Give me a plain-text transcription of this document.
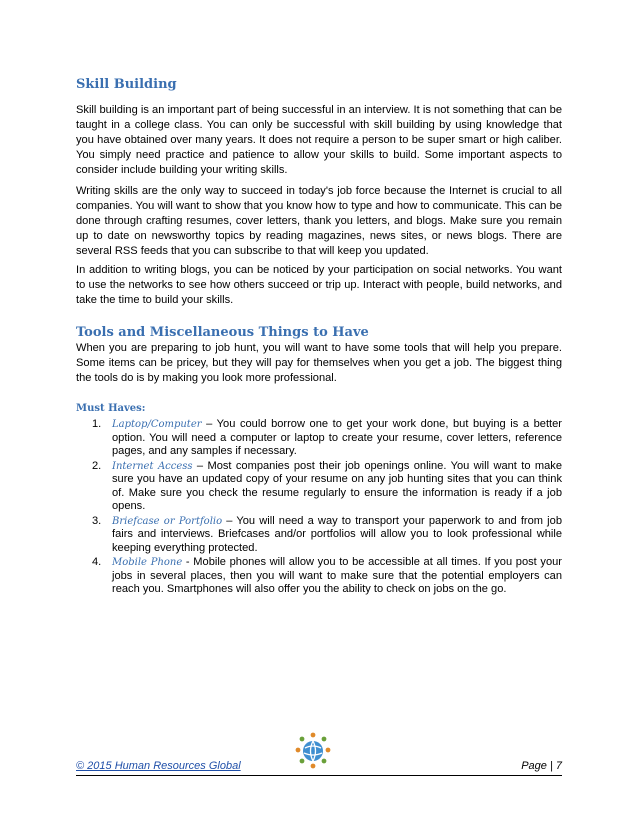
Skill Building

Skill building is an important part of being successful in an interview. It is not something that can be taught in a college class. You can only be successful with skill building by using knowledge that you have obtained over many years. It does not require a person to be super smart or high caliber. You simply need practice and patience to allow your skills to build. Some important aspects to consider include building your writing skills.

Writing skills are the only way to succeed in today's job force because the Internet is crucial to all companies. You will want to show that you know how to type and how to communicate. This can be done through crafting resumes, cover letters, thank you letters, and blogs. Make sure you remain up to date on newsworthy topics by reading magazines, news sites, or news blogs. There are several RSS feeds that you can subscribe to that will keep you updated.

In addition to writing blogs, you can be noticed by your participation on social networks. You want to use the networks to see how others succeed or trip up. Interact with people, build networks, and take the time to build your skills.

Tools and Miscellaneous Things to Have

When you are preparing to job hunt, you will want to have some tools that will help you prepare. Some items can be pricey, but they will pay for themselves when you get a job. The biggest thing the tools do is by making you look more professional.

Must Haves:
1. Laptop/Computer – You could borrow one to get your work done, but buying is a better option. You will need a computer or laptop to create your resume, cover letters, reference pages, and any samples if necessary.
2. Internet Access – Most companies post their job openings online. You will want to make sure you have an updated copy of your resume on any job hunting sites that you can think of. Make sure you check the resume regularly to ensure the information is ready if a job opens.
3. Briefcase or Portfolio – You will need a way to transport your paperwork to and from job fairs and interviews. Briefcases and/or portfolios will allow you to look professional while keeping everything protected.
4. Mobile Phone - Mobile phones will allow you to be accessible at all times. If you post your jobs in several places, then you will want to make sure that the potential employers can reach you. Smartphones will also offer you the ability to check on jobs on the go.
© 2015 Human Resources Global	Page | 7
